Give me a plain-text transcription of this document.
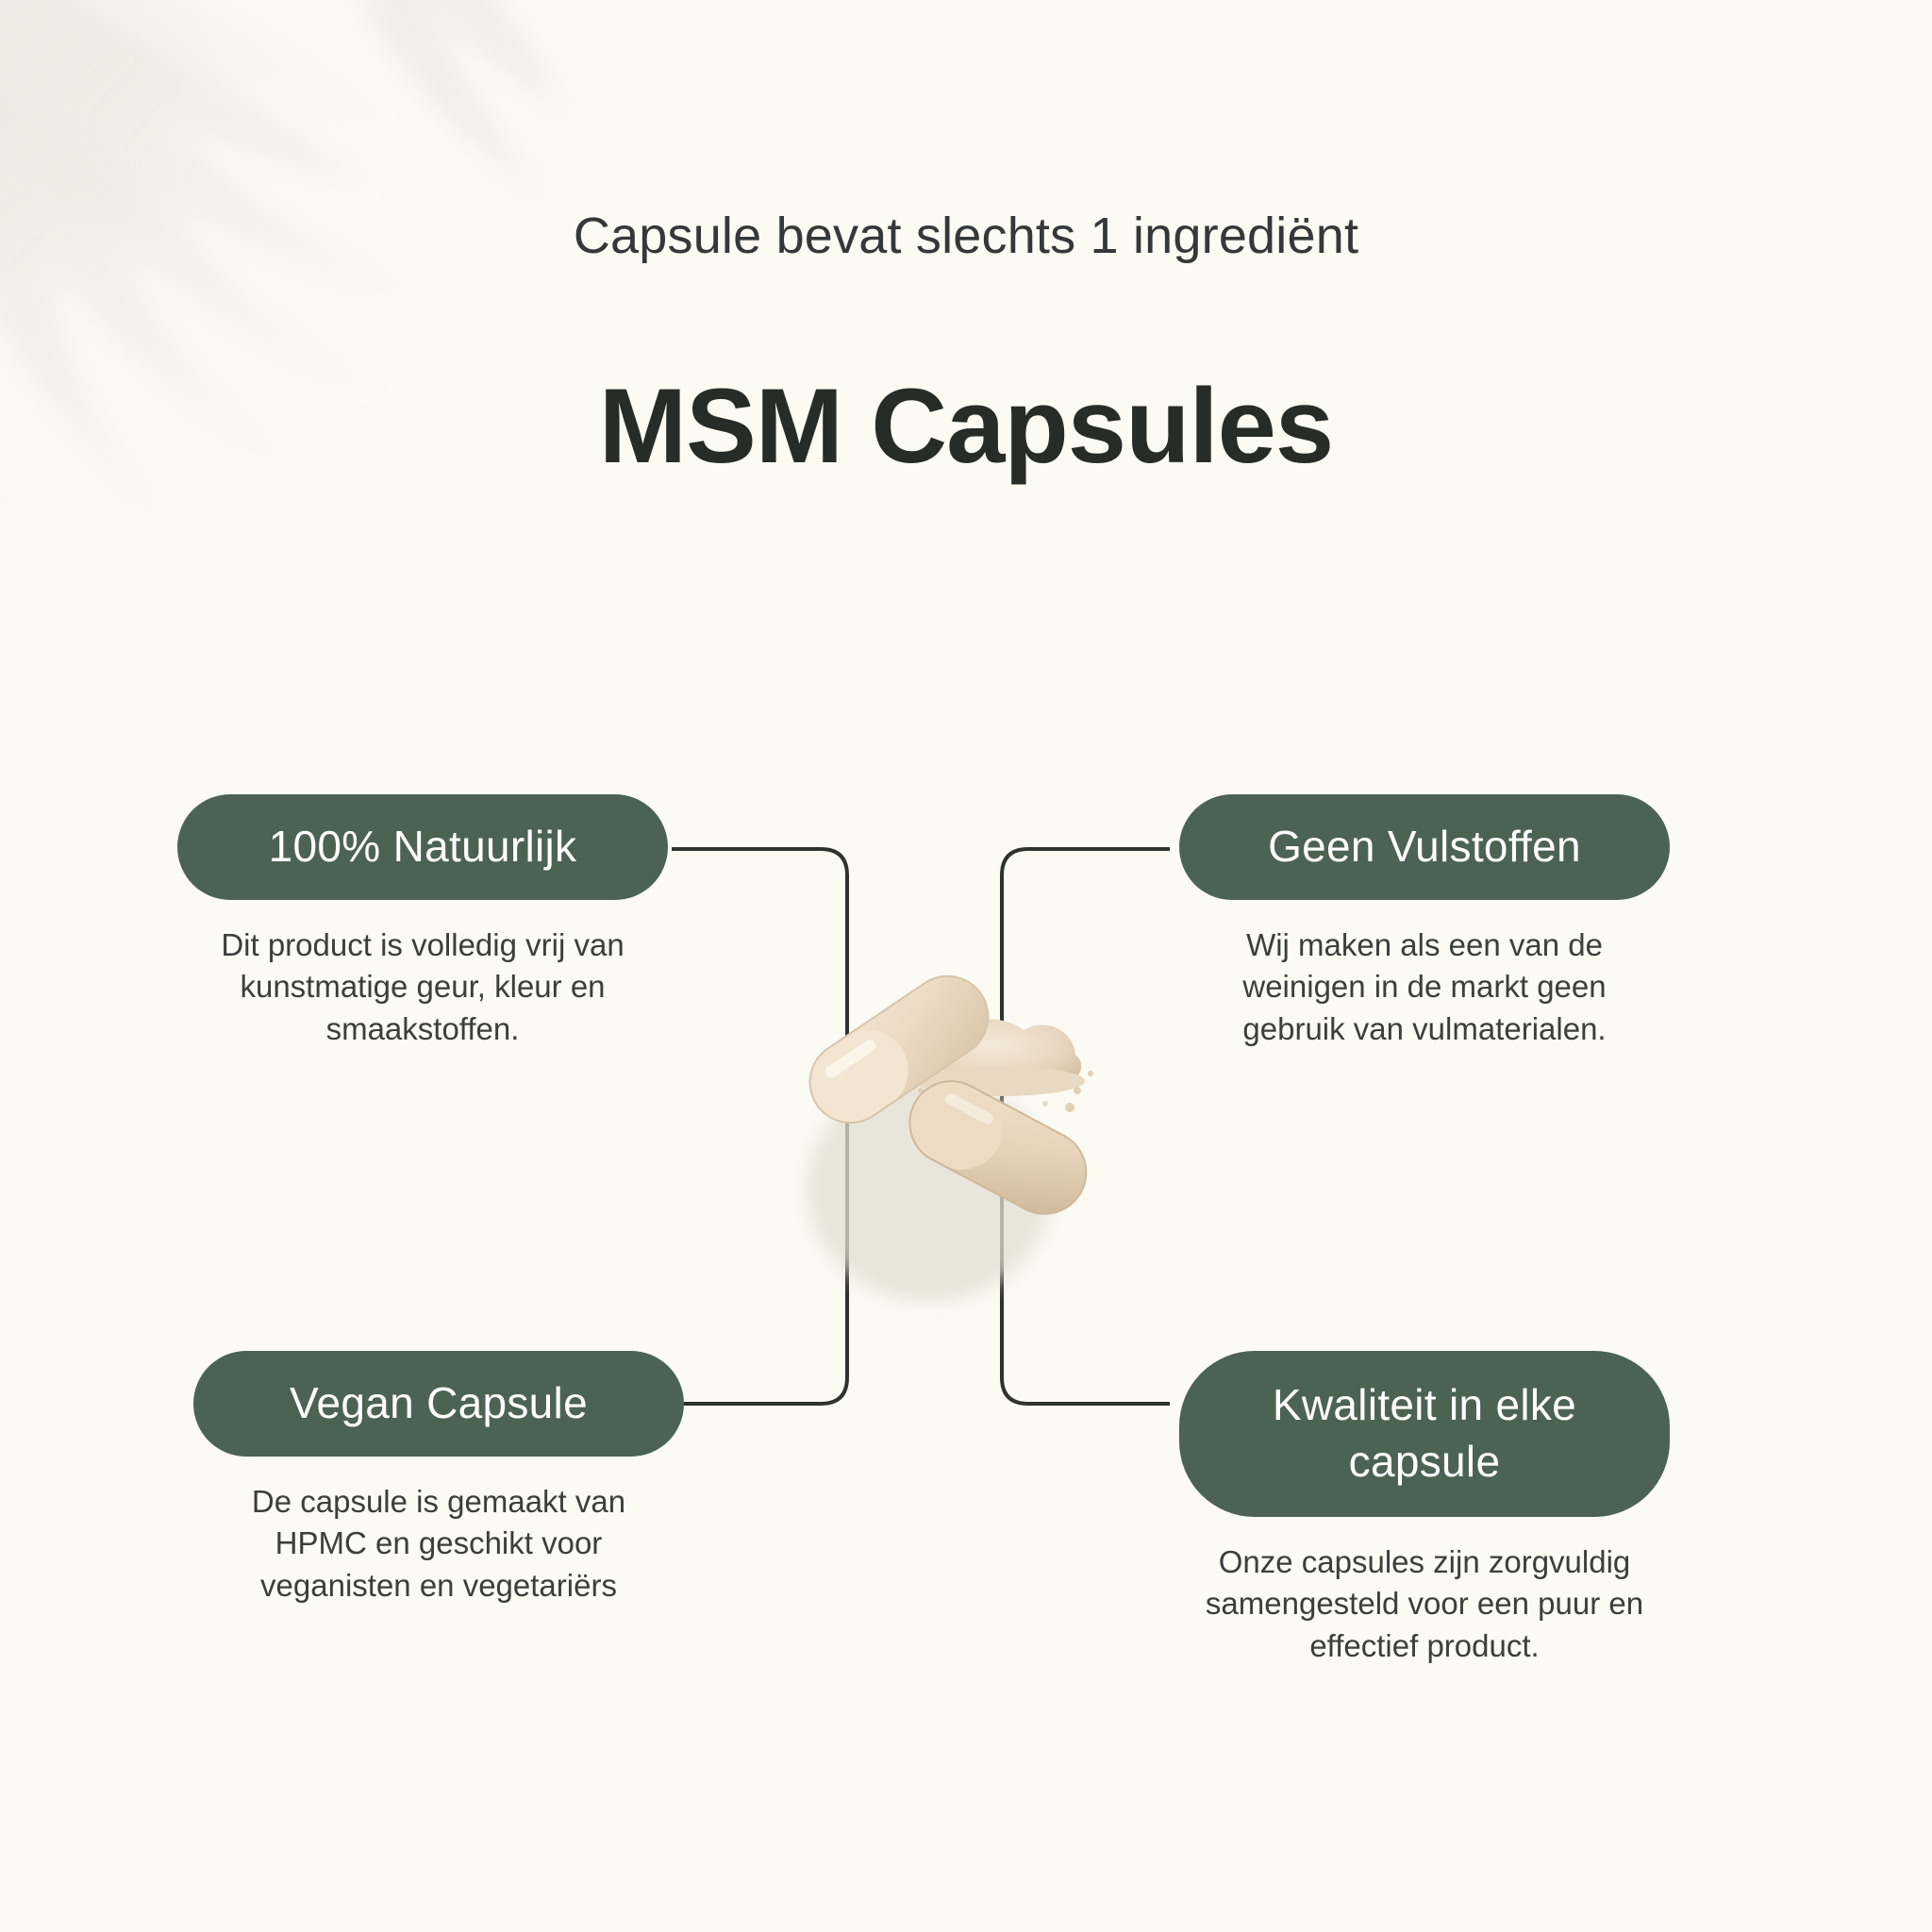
Capsule bevat slechts 1 ingrediënt
MSM Capsules
100% Natuurlijk
Dit product is volledig vrij van kunstmatige geur, kleur en smaakstoffen.
Geen Vulstoffen
Wij maken als een van de weinigen in de markt geen gebruik van vulmaterialen.
Vegan Capsule
De capsule is gemaakt van HPMC en geschikt voor veganisten en vegetariërs
Kwaliteit in elke capsule
Onze capsules zijn zorgvuldig samengesteld voor een puur en effectief product.
